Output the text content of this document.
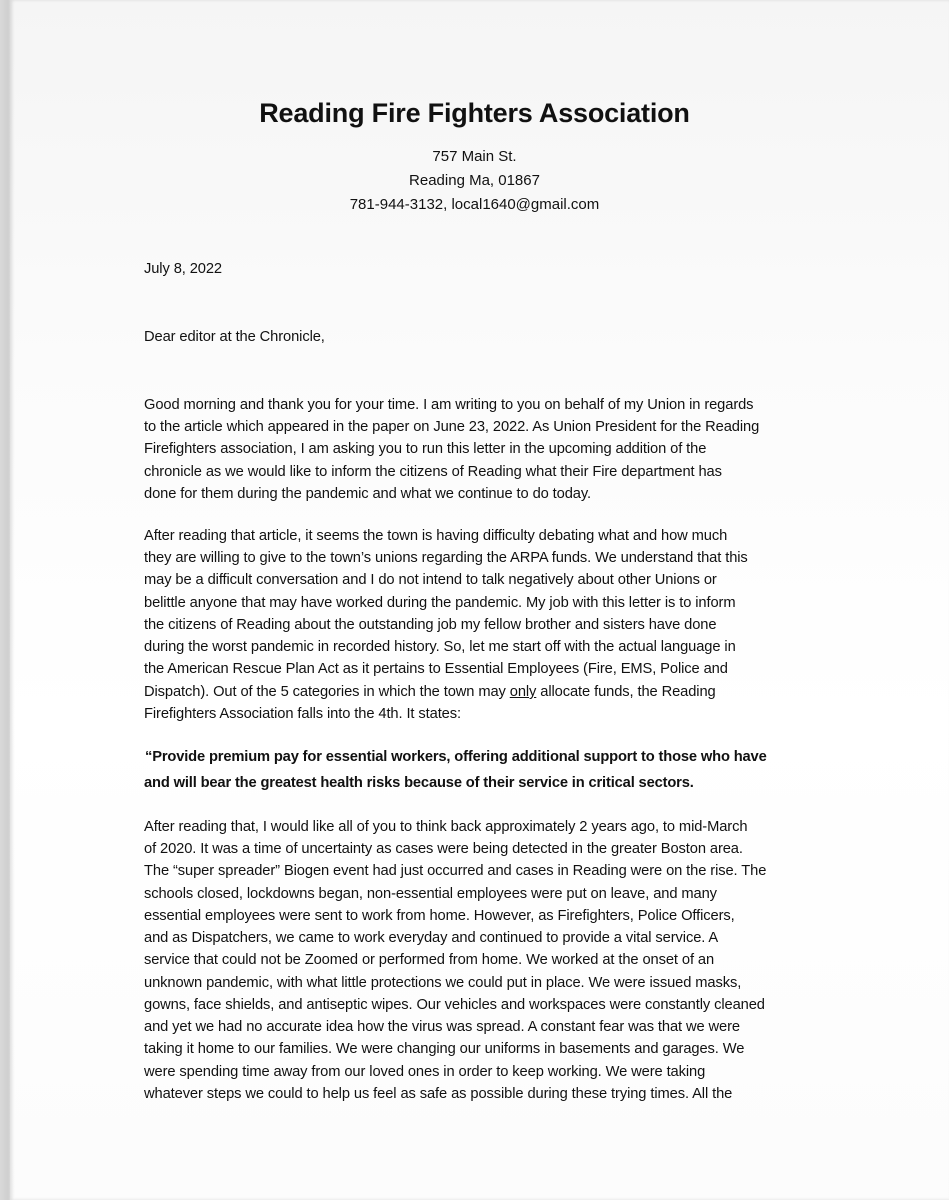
Reading Fire Fighters Association
757 Main St.
Reading Ma, 01867
781-944-3132, local1640@gmail.com
July 8, 2022
Dear editor at the Chronicle,
Good morning and thank you for your time. I am writing to you on behalf of my Union in regards
to the article which appeared in the paper on June 23, 2022. As Union President for the Reading
Firefighters association, I am asking you to run this letter in the upcoming addition of the
chronicle as we would like to inform the citizens of Reading what their Fire department has
done for them during the pandemic and what we continue to do today.
After reading that article, it seems the town is having difficulty debating what and how much
they are willing to give to the town’s unions regarding the ARPA funds. We understand that this
may be a difficult conversation and I do not intend to talk negatively about other Unions or
belittle anyone that may have worked during the pandemic. My job with this letter is to inform
the citizens of Reading about the outstanding job my fellow brother and sisters have done
during the worst pandemic in recorded history. So, let me start off with the actual language in
the American Rescue Plan Act as it pertains to Essential Employees (Fire, EMS, Police and
Dispatch). Out of the 5 categories in which the town may only allocate funds, the Reading
Firefighters Association falls into the 4th. It states:
“Provide premium pay for essential workers, offering additional support to those who have
and will bear the greatest health risks because of their service in critical sectors.
After reading that, I would like all of you to think back approximately 2 years ago, to mid-March
of 2020. It was a time of uncertainty as cases were being detected in the greater Boston area.
The “super spreader” Biogen event had just occurred and cases in Reading were on the rise. The
schools closed, lockdowns began, non-essential employees were put on leave, and many
essential employees were sent to work from home. However, as Firefighters, Police Officers,
and as Dispatchers, we came to work everyday and continued to provide a vital service. A
service that could not be Zoomed or performed from home. We worked at the onset of an
unknown pandemic, with what little protections we could put in place. We were issued masks,
gowns, face shields, and antiseptic wipes. Our vehicles and workspaces were constantly cleaned
and yet we had no accurate idea how the virus was spread. A constant fear was that we were
taking it home to our families. We were changing our uniforms in basements and garages. We
were spending time away from our loved ones in order to keep working. We were taking
whatever steps we could to help us feel as safe as possible during these trying times. All the
